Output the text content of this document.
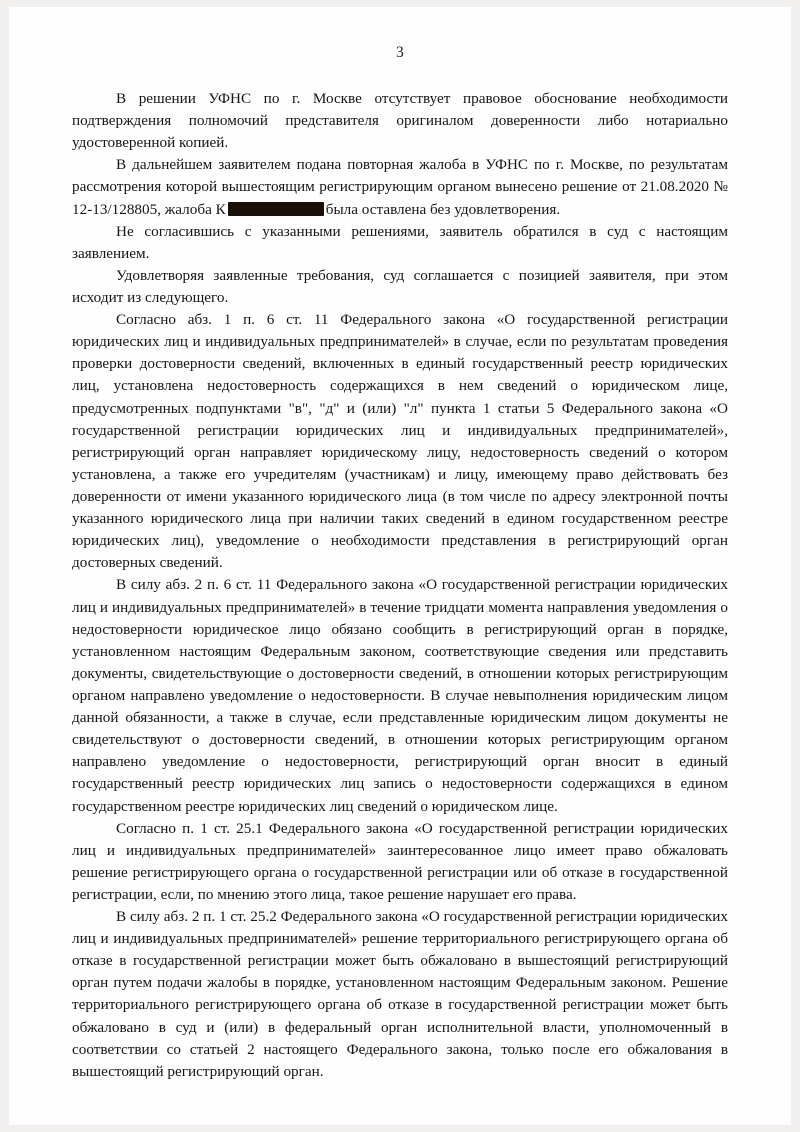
3

В решении УФНС по г. Москве отсутствует правовое обоснование необходимости подтверждения полномочий представителя оригиналом доверенности либо нотариально удостоверенной копией.

В дальнейшем заявителем подана повторная жалоба в УФНС по г. Москве, по результатам рассмотрения которой вышестоящим регистрирующим органом вынесено решение от 21.08.2020 № 12-13/128805, жалоба К	была оставлена без удовлетворения.

Не согласившись с указанными решениями, заявитель обратился в суд с настоящим заявлением.

Удовлетворяя заявленные требования, суд соглашается с позицией заявителя, при этом исходит из следующего.

Согласно абз. 1 п. 6 ст. 11 Федерального закона «О государственной регистрации юридических лиц и индивидуальных предпринимателей» в случае, если по результатам проведения проверки достоверности сведений, включенных в единый государственный реестр юридических лиц, установлена недостоверность содержащихся в нем сведений о юридическом лице, предусмотренных подпунктами "в", "д" и (или) "л" пункта 1 статьи 5 Федерального закона «О государственной регистрации юридических лиц и индивидуальных предпринимателей», регистрирующий орган направляет юридическому лицу, недостоверность сведений о котором установлена, а также его учредителям (участникам) и лицу, имеющему право действовать без доверенности от имени указанного юридического лица (в том числе по адресу электронной почты указанного юридического лица при наличии таких сведений в едином государственном реестре юридических лиц), уведомление о необходимости представления в регистрирующий орган достоверных сведений.

В силу абз. 2 п. 6 ст. 11 Федерального закона «О государственной регистрации юридических лиц и индивидуальных предпринимателей» в течение тридцати момента направления уведомления о недостоверности юридическое лицо обязано сообщить в регистрирующий орган в порядке, установленном настоящим Федеральным законом, соответствующие сведения или представить документы, свидетельствующие о достоверности сведений, в отношении которых регистрирующим органом направлено уведомление о недостоверности. В случае невыполнения юридическим лицом данной обязанности, а также в случае, если представленные юридическим лицом документы не свидетельствуют о достоверности сведений, в отношении которых регистрирующим органом направлено уведомление о недостоверности, регистрирующий орган вносит в единый государственный реестр юридических лиц запись о недостоверности содержащихся в едином государственном реестре юридических лиц сведений о юридическом лице.

Согласно п. 1 ст. 25.1 Федерального закона «О государственной регистрации юридических лиц и индивидуальных предпринимателей» заинтересованное лицо имеет право обжаловать решение регистрирующего органа о государственной регистрации или об отказе в государственной регистрации, если, по мнению этого лица, такое решение нарушает его права.

В силу абз. 2 п. 1 ст. 25.2 Федерального закона «О государственной регистрации юридических лиц и индивидуальных предпринимателей» решение территориального регистрирующего органа об отказе в государственной регистрации может быть обжаловано в вышестоящий регистрирующий орган путем подачи жалобы в порядке, установленном настоящим Федеральным законом. Решение территориального регистрирующего органа об отказе в государственной регистрации может быть обжаловано в суд и (или) в федеральный орган исполнительной власти, уполномоченный в соответствии со статьей 2 настоящего Федерального закона, только после его обжалования в вышестоящий регистрирующий орган.
